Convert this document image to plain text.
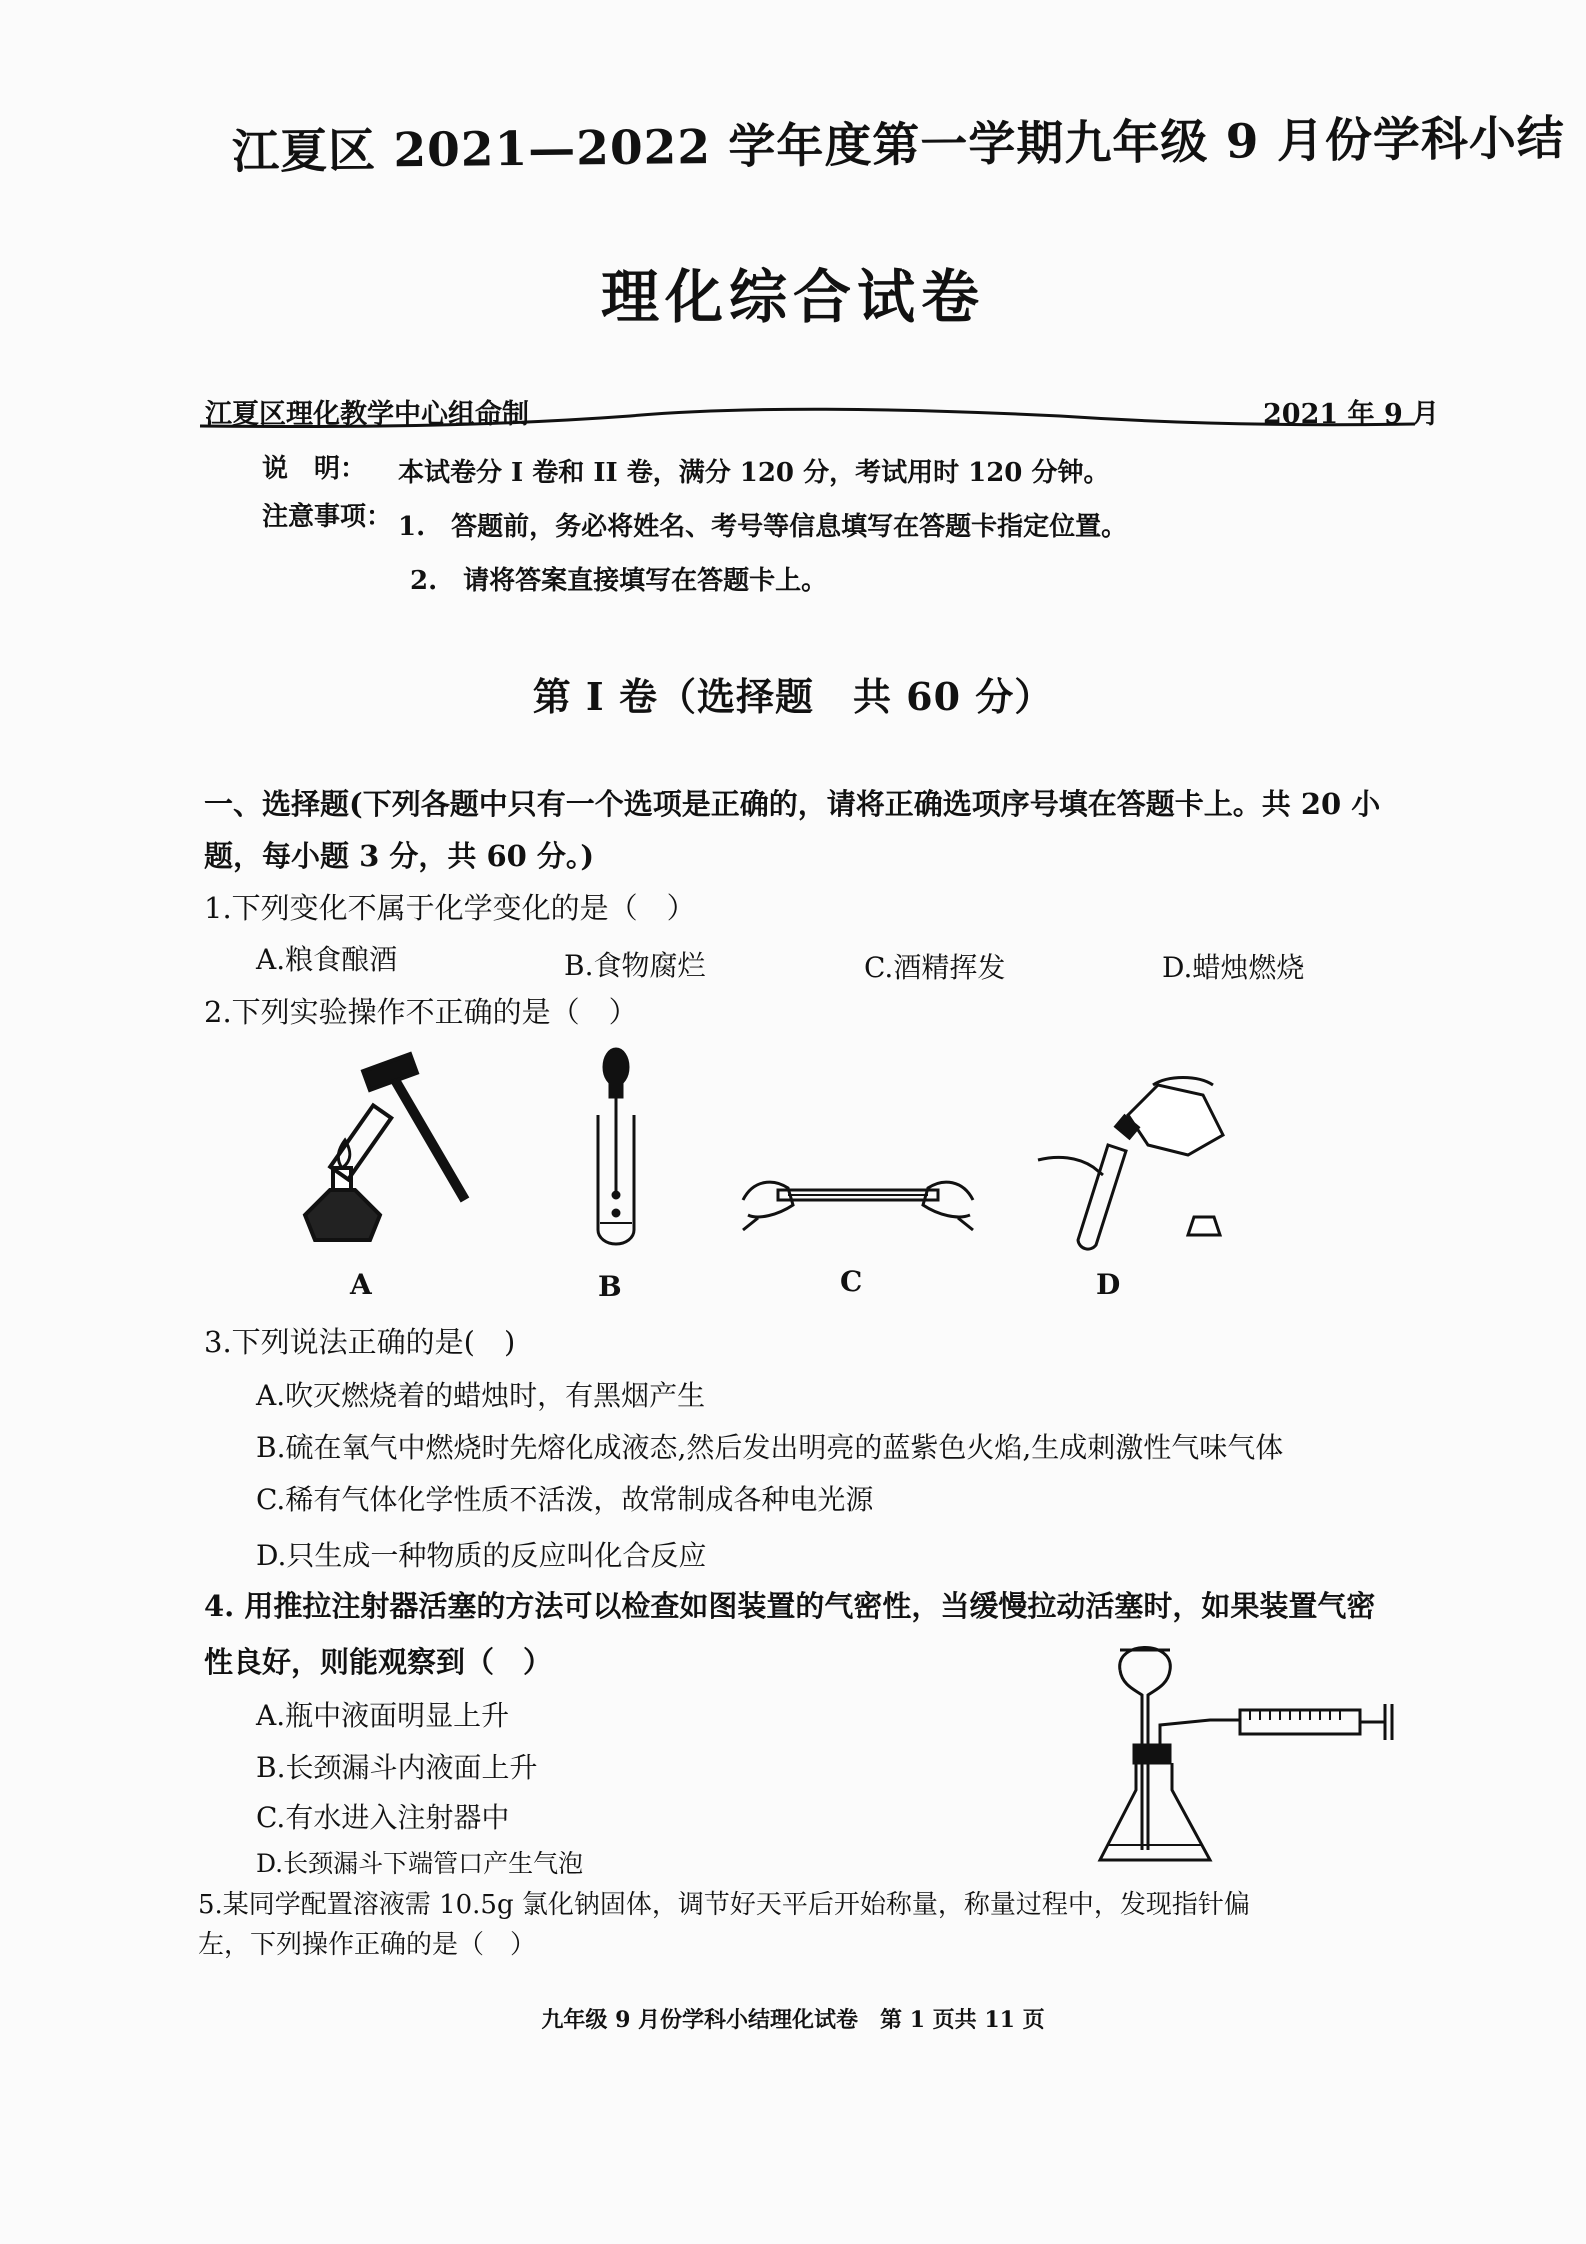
江夏区 2021—2022 学年度第一学期九年级 9 月份学科小结
理化综合试卷
江夏区理化教学中心组命制	2021 年 9 月
说　明： 本试卷分 I 卷和 II 卷，满分 120 分，考试用时 120 分钟。
注意事项： 1.　答题前，务必将姓名、考号等信息填写在答题卡指定位置。
2.　请将答案直接填写在答题卡上。
第 I 卷（选择题　共 60 分）
一、选择题(下列各题中只有一个选项是正确的，请将正确选项序号填在答题卡上。共 20 小
题，每小题 3 分，共 60 分。)
1.下列变化不属于化学变化的是（　）
A.粮食酿酒	B.食物腐烂	C.酒精挥发	D.蜡烛燃烧
2.下列实验操作不正确的是（　）
A	B	C	D
3.下列说法正确的是(　)
A.吹灭燃烧着的蜡烛时，有黑烟产生
B.硫在氧气中燃烧时先熔化成液态,然后发出明亮的蓝紫色火焰,生成刺激性气味气体
C.稀有气体化学性质不活泼，故常制成各种电光源
D.只生成一种物质的反应叫化合反应
4. 用推拉注射器活塞的方法可以检查如图装置的气密性，当缓慢拉动活塞时，如果装置气密
性良好，则能观察到（　）
A.瓶中液面明显上升
B.长颈漏斗内液面上升
C.有水进入注射器中
D.长颈漏斗下端管口产生气泡
5.某同学配置溶液需 10.5g 氯化钠固体，调节好天平后开始称量，称量过程中，发现指针偏
左，下列操作正确的是（　）
九年级 9 月份学科小结理化试卷　第 1 页共 11 页
